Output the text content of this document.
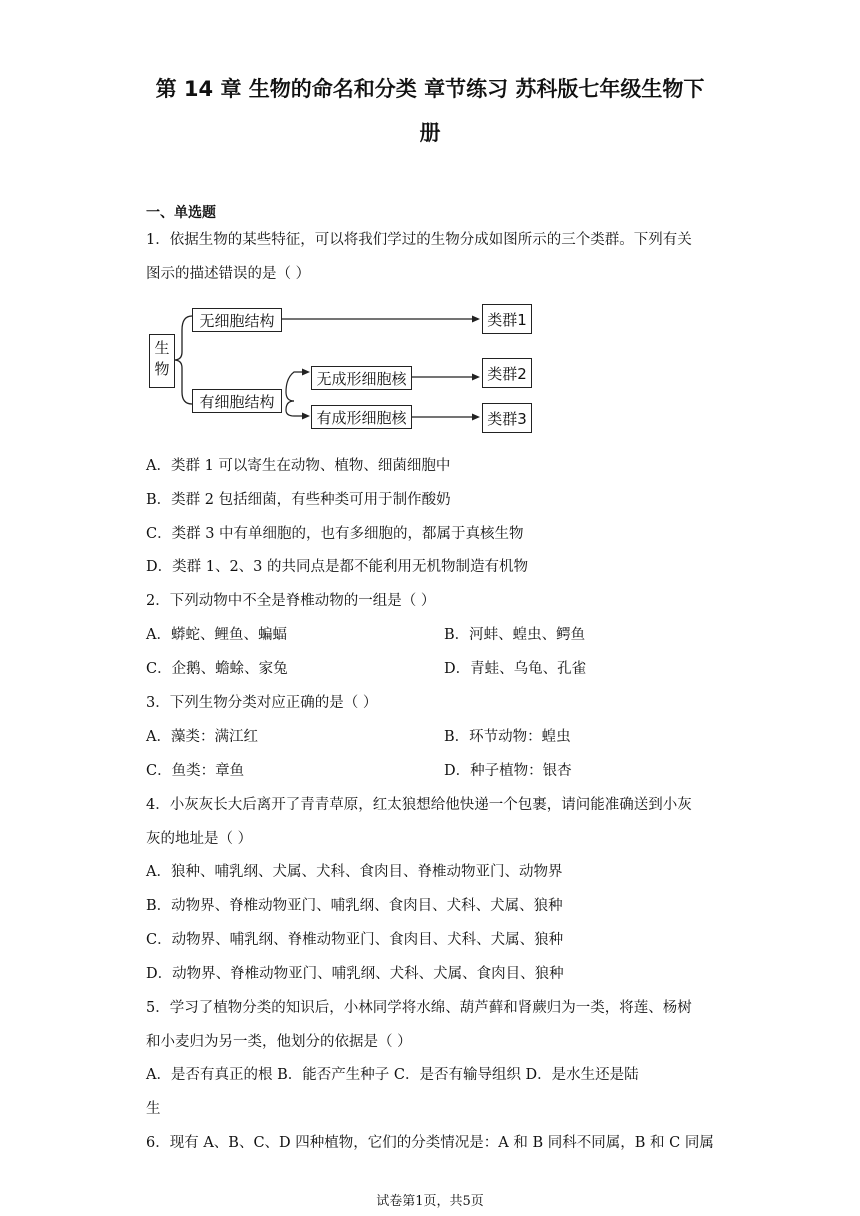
第 14 章 生物的命名和分类 章节练习 苏科版七年级生物下
册
一、单选题
1．依据生物的某些特征，可以将我们学过的生物分成如图所示的三个类群。下列有关
图示的描述错误的是（ ）
生物
无细胞结构
有细胞结构
无成形细胞核
有成形细胞核
类群1
类群2
类群3
A．类群 1 可以寄生在动物、植物、细菌细胞中
B．类群 2 包括细菌，有些种类可用于制作酸奶
C．类群 3 中有单细胞的，也有多细胞的，都属于真核生物
D．类群 1、2、3 的共同点是都不能利用无机物制造有机物
2．下列动物中不全是脊椎动物的一组是（ ）
A．蟒蛇、鲤鱼、蝙蝠	B．河蚌、蝗虫、鳄鱼
C．企鹅、蟾蜍、家兔	D．青蛙、乌龟、孔雀
3．下列生物分类对应正确的是（ ）
A．藻类：满江红	B．环节动物：蝗虫
C．鱼类：章鱼	D．种子植物：银杏
4．小灰灰长大后离开了青青草原，红太狼想给他快递一个包裹，请问能准确送到小灰
灰的地址是（ ）
A．狼种、哺乳纲、犬属、犬科、食肉目、脊椎动物亚门、动物界
B．动物界、脊椎动物亚门、哺乳纲、食肉目、犬科、犬属、狼种
C．动物界、哺乳纲、脊椎动物亚门、食肉目、犬科、犬属、狼种
D．动物界、脊椎动物亚门、哺乳纲、犬科、犬属、食肉目、狼种
5．学习了植物分类的知识后，小林同学将水绵、葫芦藓和肾蕨归为一类，将莲、杨树
和小麦归为另一类，他划分的依据是（ ）
A．是否有真正的根 B．能否产生种子 C．是否有输导组织 D．是水生还是陆
生
6．现有 A、B、C、D 四种植物，它们的分类情况是：A 和 B 同科不同属，B 和 C 同属
试卷第1页，共5页
